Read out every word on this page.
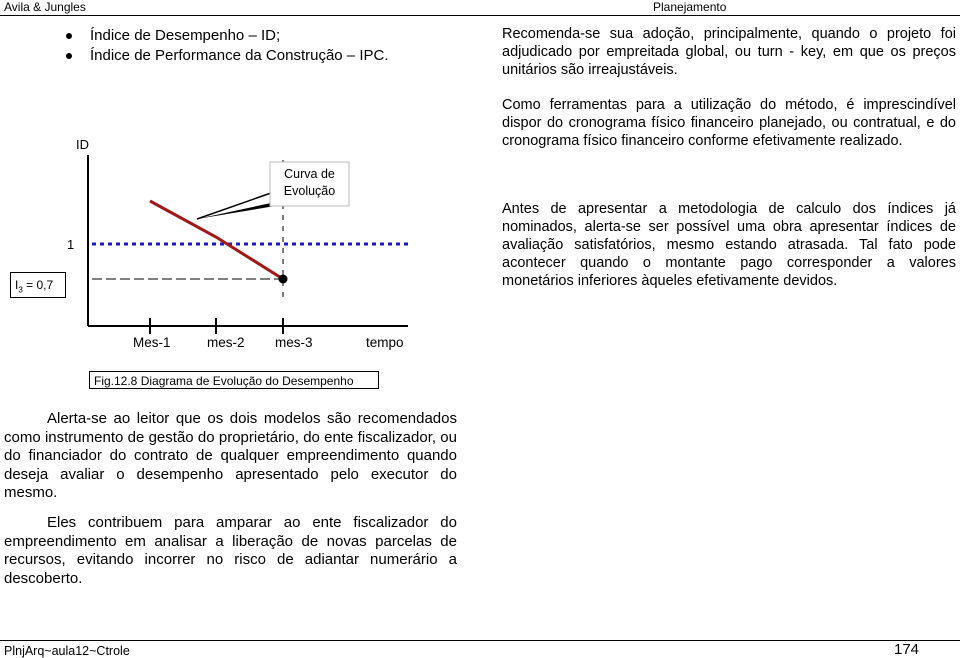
Avila & Jungles	Planejamento
Índice de Desempenho – ID;
Índice de Performance da Construção – IPC.
Recomenda-se sua adoção, principalmente, quando o projeto foi adjudicado por empreitada global, ou turn - key, em que os preços unitários são irreajustáveis.
Como ferramentas para a utilização do método, é imprescindível dispor do cronograma físico financeiro planejado, ou contratual, e do cronograma físico financeiro conforme efetivamente realizado.
Antes de apresentar a metodologia de calculo dos índices já nominados, alerta-se ser possível uma obra apresentar índices de avaliação satisfatórios, mesmo estando atrasada. Tal fato pode acontecer quando o montante pago corresponder a valores monetários inferiores àqueles efetivamente devidos.
ID
1
$I_3 = 0,7$
Curva de Evolução
Mes-1	mes-2 mes-3	tempo
Fig.12.8 Diagrama de Evolução do Desempenho
Alerta-se ao leitor que os dois modelos são recomendados como instrumento de gestão do proprietário, do ente fiscalizador, ou do financiador do contrato de qualquer empreendimento quando deseja avaliar o desempenho apresentado pelo executor do mesmo.
Eles contribuem para amparar ao ente fiscalizador do empreendimento em analisar a liberação de novas parcelas de recursos, evitando incorrer no risco de adiantar numerário a descoberto.
PlnjArq~aula12~Ctrole	174
